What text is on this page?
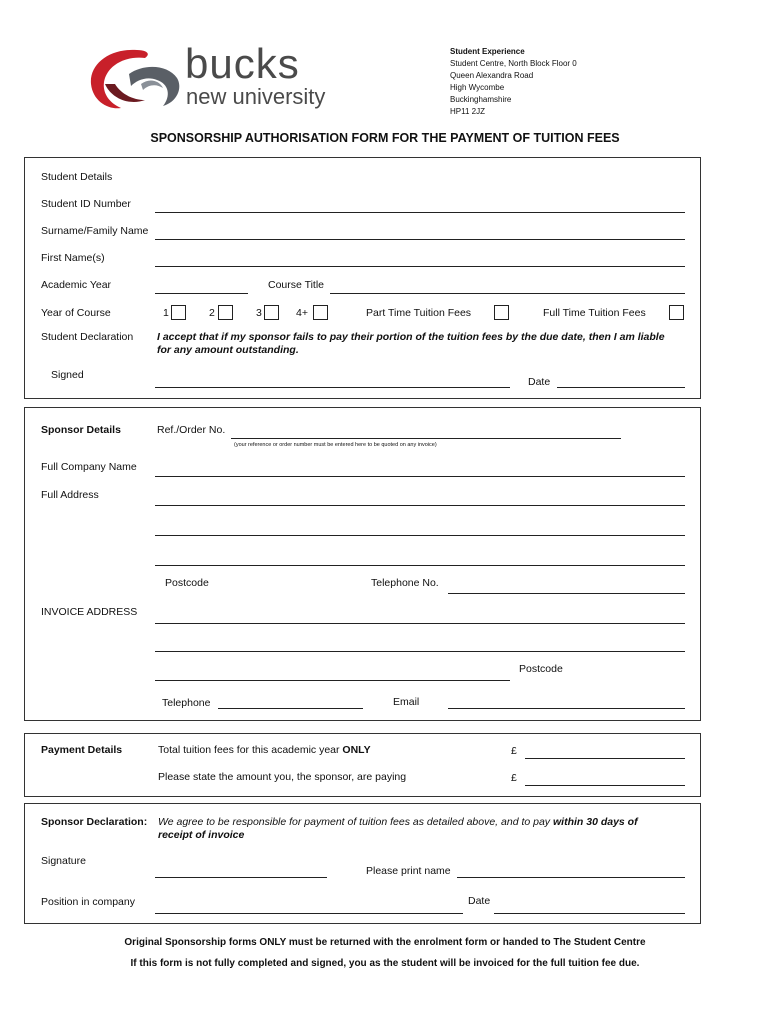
bucks
new university
Student Experience
Student Centre, North Block Floor 0
Queen Alexandra Road
High Wycombe
Buckinghamshire
HP11 2JZ
SPONSORSHIP AUTHORISATION FORM FOR THE PAYMENT OF TUITION FEES
Student Details
Student ID Number
Surname/Family Name
First Name(s)
Academic Year	Course Title
Year of Course	1	2	3	4+	Part Time Tuition Fees	Full Time Tuition Fees
Student Declaration I accept that if my sponsor fails to pay their portion of the tuition fees by the due date, then I am liable
for any amount outstanding.
Signed
Date
Sponsor Details	Ref./Order No.
(your reference or order number must be entered here to be quoted on any invoice)
Full Company Name
Full Address
Postcode	Telephone No.
INVOICE ADDRESS
Postcode
Telephone	Email
Payment Details	Total tuition fees for this academic year ONLY	£
Please state the amount you, the sponsor, are paying	£
Sponsor Declaration: We agree to be responsible for payment of tuition fees as detailed above, and to pay within 30 days of
receipt of invoice
Signature
Please print name
Position in company	Date
Original Sponsorship forms ONLY must be returned with the enrolment form or handed to The Student Centre
If this form is not fully completed and signed, you as the student will be invoiced for the full tuition fee due.
